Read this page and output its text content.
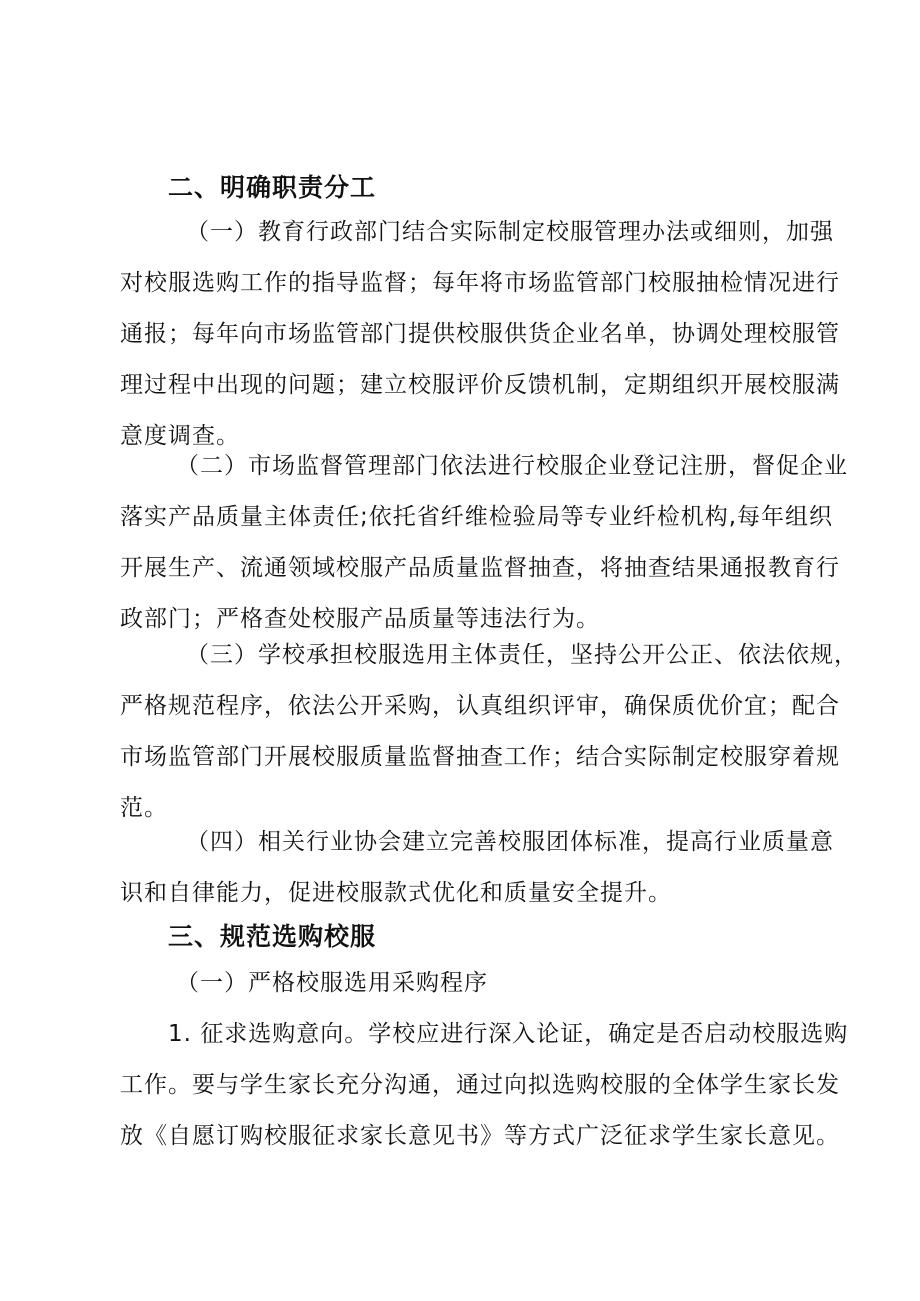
二、明确职责分工
（一）教育行政部门结合实际制定校服管理办法或细则，加强
对校服选购工作的指导监督；每年将市场监管部门校服抽检情况进行
通报；每年向市场监管部门提供校服供货企业名单，协调处理校服管
理过程中出现的问题；建立校服评价反馈机制，定期组织开展校服满
意度调查。
（二）市场监督管理部门依法进行校服企业登记注册，督促企业
落实产品质量主体责任;依托省纤维检验局等专业纤检机构,每年组织
开展生产、流通领域校服产品质量监督抽查，将抽查结果通报教育行
政部门；严格查处校服产品质量等违法行为。
（三）学校承担校服选用主体责任，坚持公开公正、依法依规，
严格规范程序，依法公开采购，认真组织评审，确保质优价宜；配合
市场监管部门开展校服质量监督抽查工作；结合实际制定校服穿着规
范。
（四）相关行业协会建立完善校服团体标准，提高行业质量意
识和自律能力，促进校服款式优化和质量安全提升。
三、规范选购校服
（一）严格校服选用采购程序
1. 征求选购意向。学校应进行深入论证，确定是否启动校服选购
工作。要与学生家长充分沟通，通过向拟选购校服的全体学生家长发
放《自愿订购校服征求家长意见书》等方式广泛征求学生家长意见。
